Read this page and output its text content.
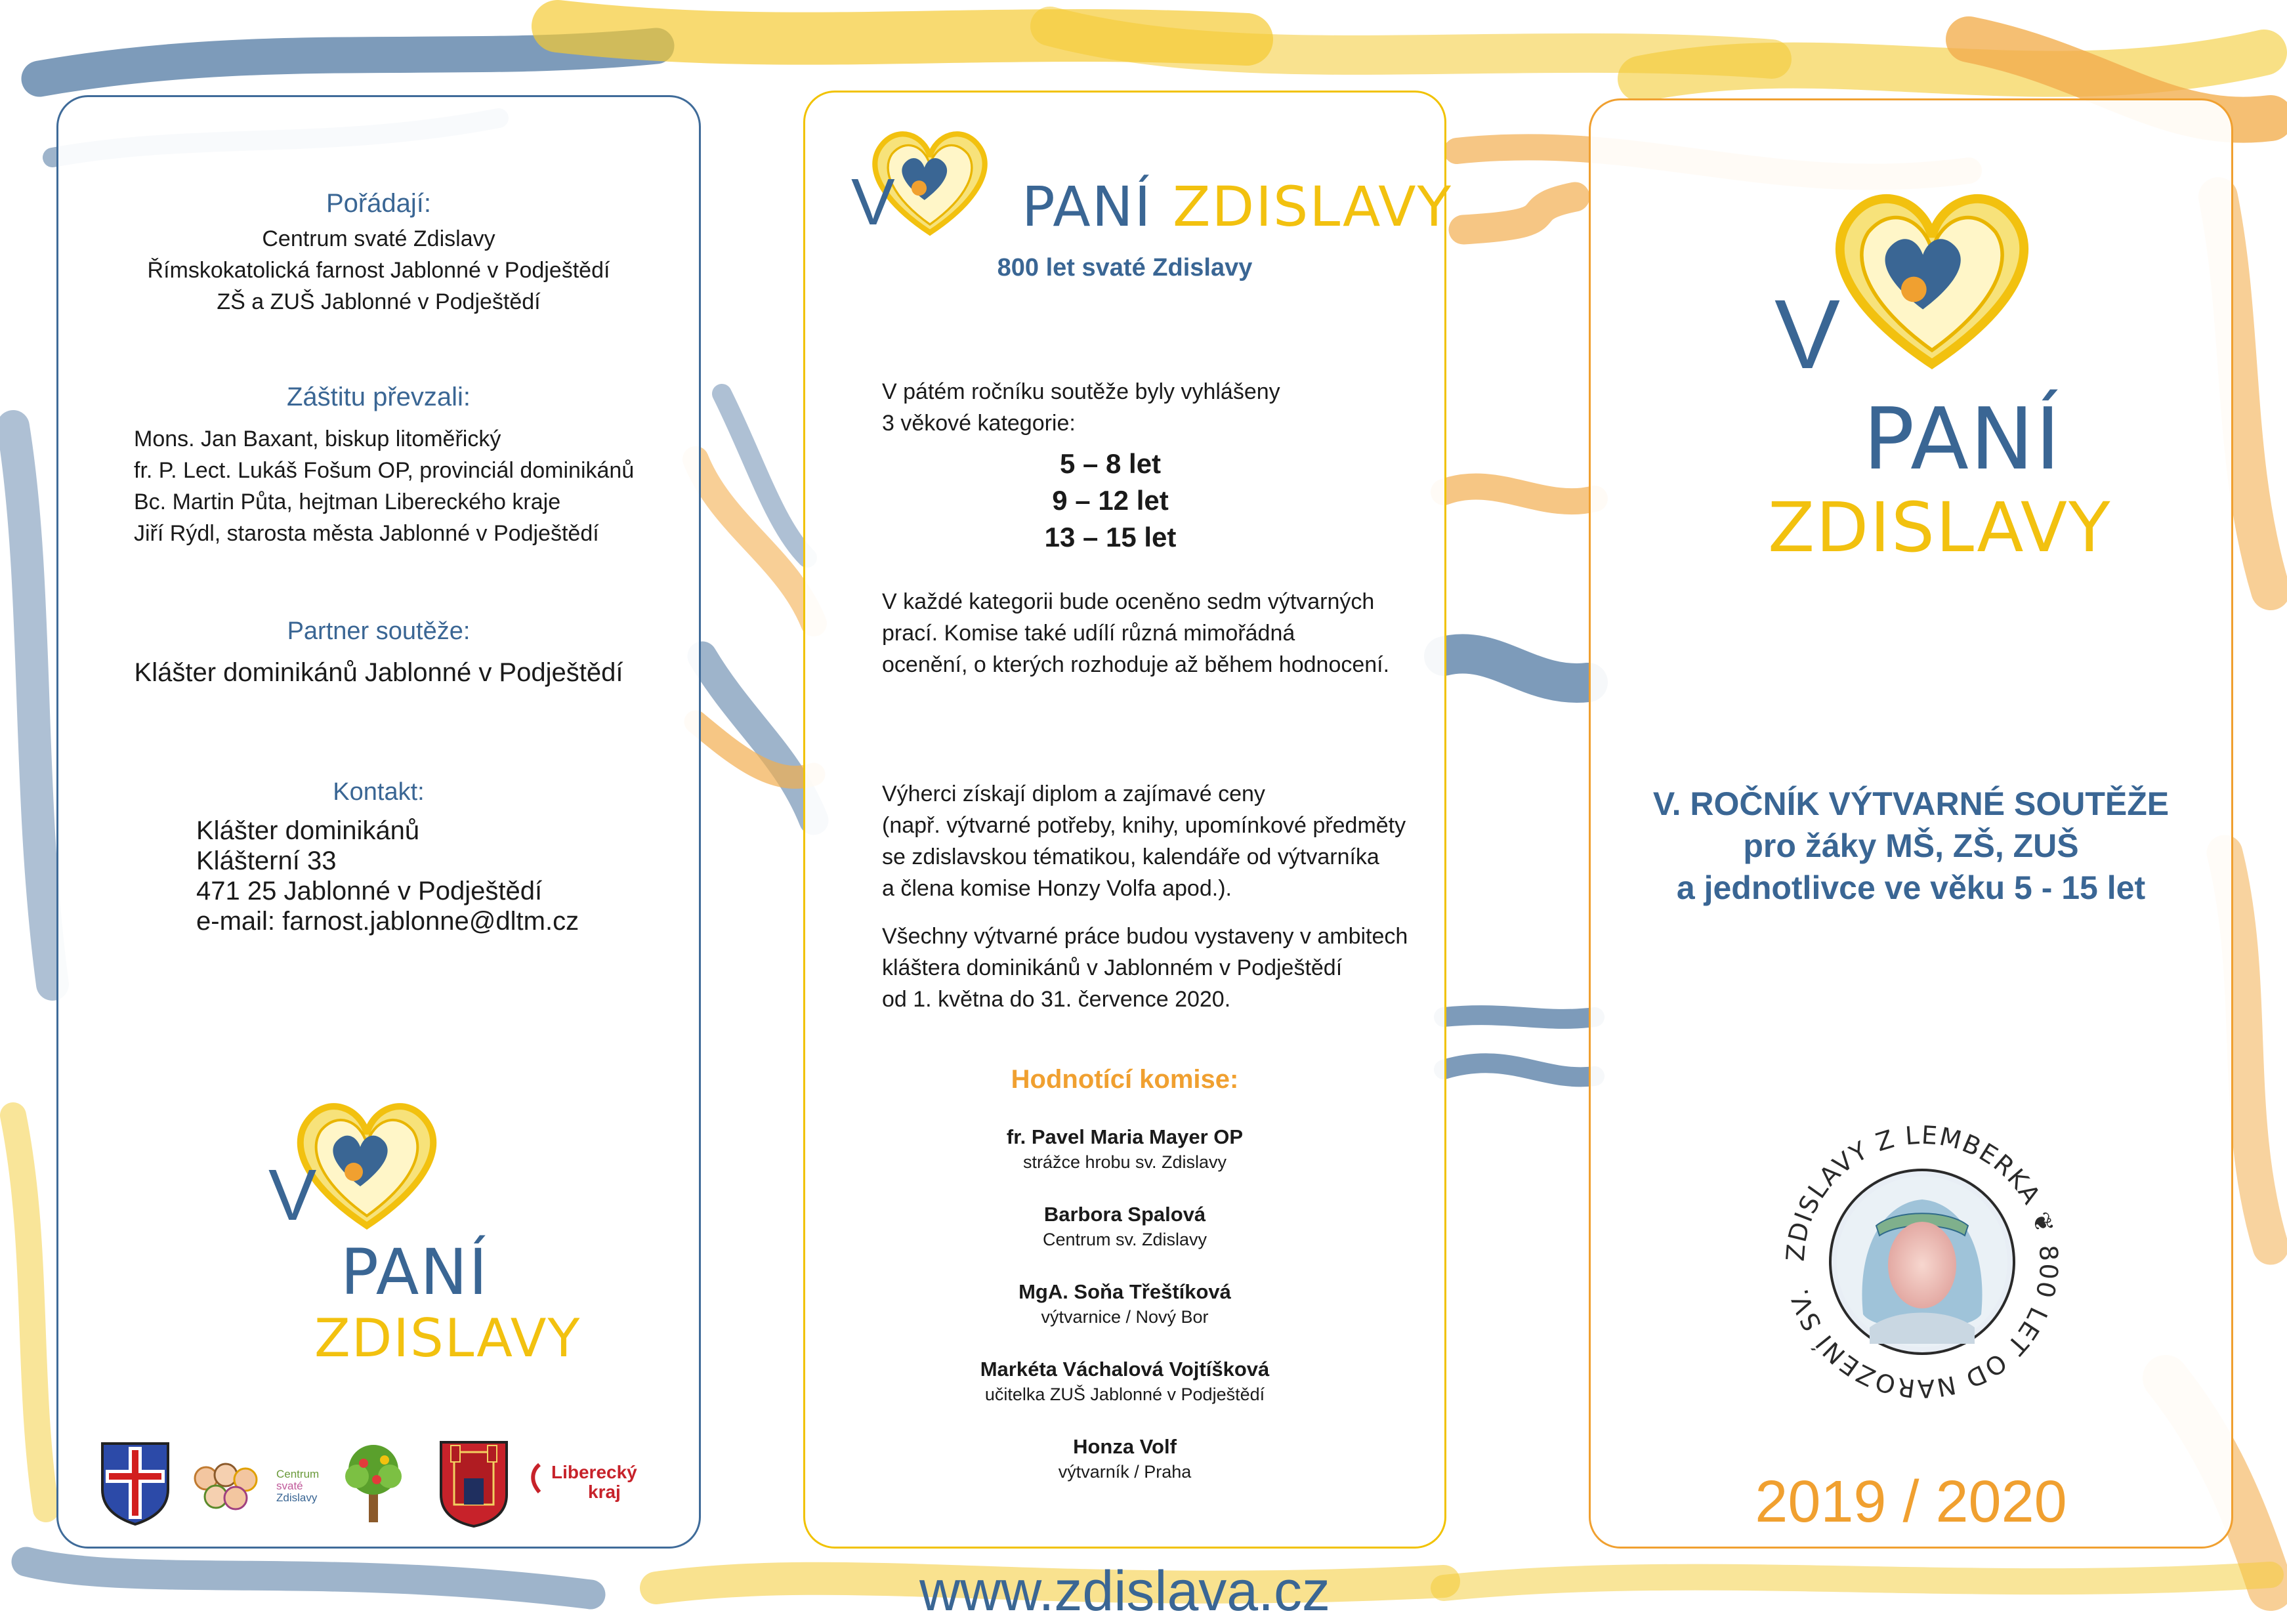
Pořádají:
Centrum svaté Zdislavy
Římskokatolická farnost Jablonné v Podještědí
ZŠ a ZUŠ Jablonné v Podještědí
Záštitu převzali:
Mons. Jan Baxant, biskup litoměřický
fr. P. Lect. Lukáš Fošum OP, provinciál dominikánů
Bc. Martin Půta, hejtman Libereckého kraje
Jiří Rýdl, starosta města Jablonné v Podještědí
Partner soutěže:
Klášter dominikánů Jablonné v Podještědí
Kontakt:
Klášter dominikánů
Klášterní 33
471 25 Jablonné v Podještědí
e-mail: farnost.jablonne@dltm.cz
V
PANÍ
ZDISLAVY
Centrum
svaté
Zdislavy
Liberecký
kraj
V PANÍ ZDISLAVY
800 let svaté Zdislavy
V pátém ročníku soutěže byly vyhlášeny
3 věkové kategorie:
5 – 8 let
9 – 12 let
13 – 15 let
V každé kategorii bude oceněno sedm výtvarných
prací. Komise také udílí různá mimořádná
ocenění, o kterých rozhoduje až během hodnocení.
Výherci získají diplom a zajímavé ceny
(např. výtvarné potřeby, knihy, upomínkové předměty
se zdislavskou tématikou, kalendáře od výtvarníka
a člena komise Honzy Volfa apod.).
Všechny výtvarné práce budou vystaveny v ambitech
kláštera dominikánů v Jablonném v Podještědí
od 1. května do 31. července 2020.
Hodnotící komise:
fr. Pavel Maria Mayer OP
strážce hrobu sv. Zdislavy
Barbora Spalová
Centrum sv. Zdislavy
MgA. Soňa Třeštíková
výtvarnice / Nový Bor
Markéta Váchalová Vojtíšková
učitelka ZUŠ Jablonné v Podještědí
Honza Volf
výtvarník / Praha
www.zdislava.cz
V
PANÍ
ZDISLAVY
V. ROČNÍK VÝTVARNÉ SOUTĚŽE
pro žáky MŠ, ZŠ, ZUŠ
a jednotlivce ve věku 5 - 15 let
ZDISLAVY Z LEMBERKA ❦ 800 LET OD NAROZENÍ SV.
2019 / 2020
